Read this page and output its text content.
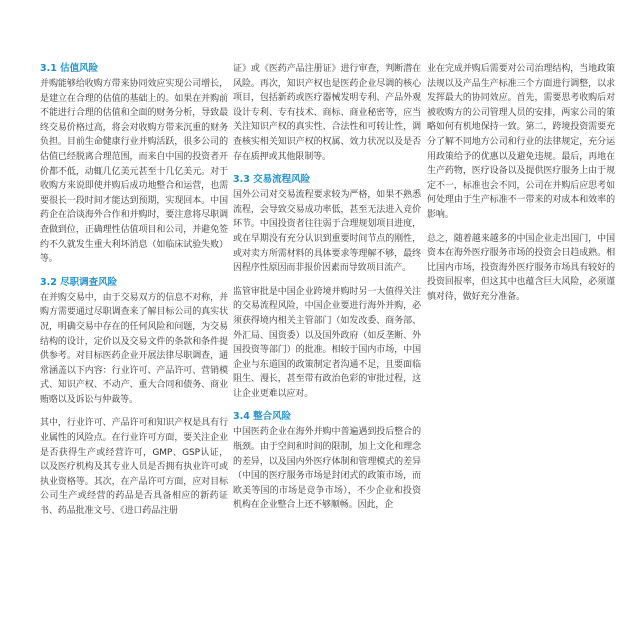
3.1 估值风险

并购能够给收购方带来协同效应实现公司增长，是建立在合理的估值的基础上的。如果在并购前不能进行合理的估值和全面的财务分析，导致最终交易价格过高，将会对收购方带来沉重的财务负担。目前生命健康行业并购活跃，很多公司的估值已经脱离合理范围，而来自中国的投资者开价都不低，动辄几亿美元甚至十几亿美元。对于收购方来说即使并购后成功地整合和运营，也需要很长一段时间才能达到预期，实现回本。中国药企在洽谈海外合作和并购时，要注意将尽职调查做到位，正确理性估值项目和公司，并避免签约不久就发生重大利坏消息（如临床试验失败）等。

3.2 尽职调查风险

在并购交易中，由于交易双方的信息不对称，并购方需要通过尽职调查来了解目标公司的真实状况，明确交易中存在的任何风险和问题，为交易结构的设计，定价以及交易文件的条款和条件提供参考。对目标医药企业开展法律尽职调查，通常涵盖以下内容：行业许可、产品许可、营销模式、知识产权、不动产、重大合同和债务、商业贿赂以及诉讼与仲裁等。

其中，行业许可、产品许可和知识产权是具有行业属性的风险点。在行业许可方面，要关注企业是否获得生产或经营许可，GMP、GSP认证，以及医疗机构及其专业人员是否拥有执业许可或执业资格等。其次，在产品许可方面，应对目标公司生产或经营的药品是否具备相应的新药证书、药品批准文号、《进口药品注册

证》或《医药产品注册证》进行审查，判断潜在风险。再次，知识产权也是医药企业尽调的核心项目，包括新药或医疗器械发明专利、产品外观设计专利、专有技术、商标、商业秘密等，应当关注知识产权的真实性、合法性和可转让性，调查核实相关知识产权的权属、效力状况以及是否存在质押或其他限制等。

3.3 交易流程风险

国外公司对交易流程要求较为严格，如果不熟悉流程，会导致交易成功率低，甚至无法进入竞价环节。中国投资者往往弱于合理规划项目进度，或在早期没有充分认识到重要时间节点的刚性，或对卖方所需材料的具体要求等理解不够，最终因程序性原因而非报价因素而导致项目流产。

监管审批是中国企业跨境并购时另一大值得关注的交易流程风险，中国企业要进行海外并购，必须获得境内相关主管部门（如发改委、商务部、外汇局、国资委）以及国外政府（如反垄断、外国投资等部门）的批准。相较于国内市场，中国企业与东道国的政策制定者沟通不足，且要面临阻生、漫长，甚至带有政治色彩的审批过程，这让企业更难以应对。

3.4 整合风险

中国医药企业在海外并购中普遍遇到投后整合的瓶颈。由于空间和时间的限制，加上文化和理念的差异，以及国内外医疗体制和管理模式的差异（中国的医疗服务市场是封闭式的政策市场，而欧美等国的市场是竞争市场），不少企业和投资机构在企业整合上还不够顺畅。因此，企

业在完成并购后需要对公司治理结构，当地政策法规以及产品生产标准三个方面进行调整，以求发挥最大的协同效应。首先，需要思考收购后对被收购方的公司管理人员的安排，两家公司的策略如何有机地保持一致。第二，跨境投资需要充分了解不同地方公司和行业的法律规定，充分运用政策给予的优惠以及避免违规。最后，再地在生产药物，医疗设备以及提供医疗服务上由于规定不一，标准也会不同，公司在并购后应思考如何处理由于生产标准不一带来的对成本和效率的影响。

总之，随着越来越多的中国企业走出国门，中国资本在海外医疗服务市场的投资会日趋成熟。相比国内市场，投资海外医疗服务市场具有较好的投资回报率，但这其中也蕴含巨大风险，必须谨慎对待，做好充分准备。
